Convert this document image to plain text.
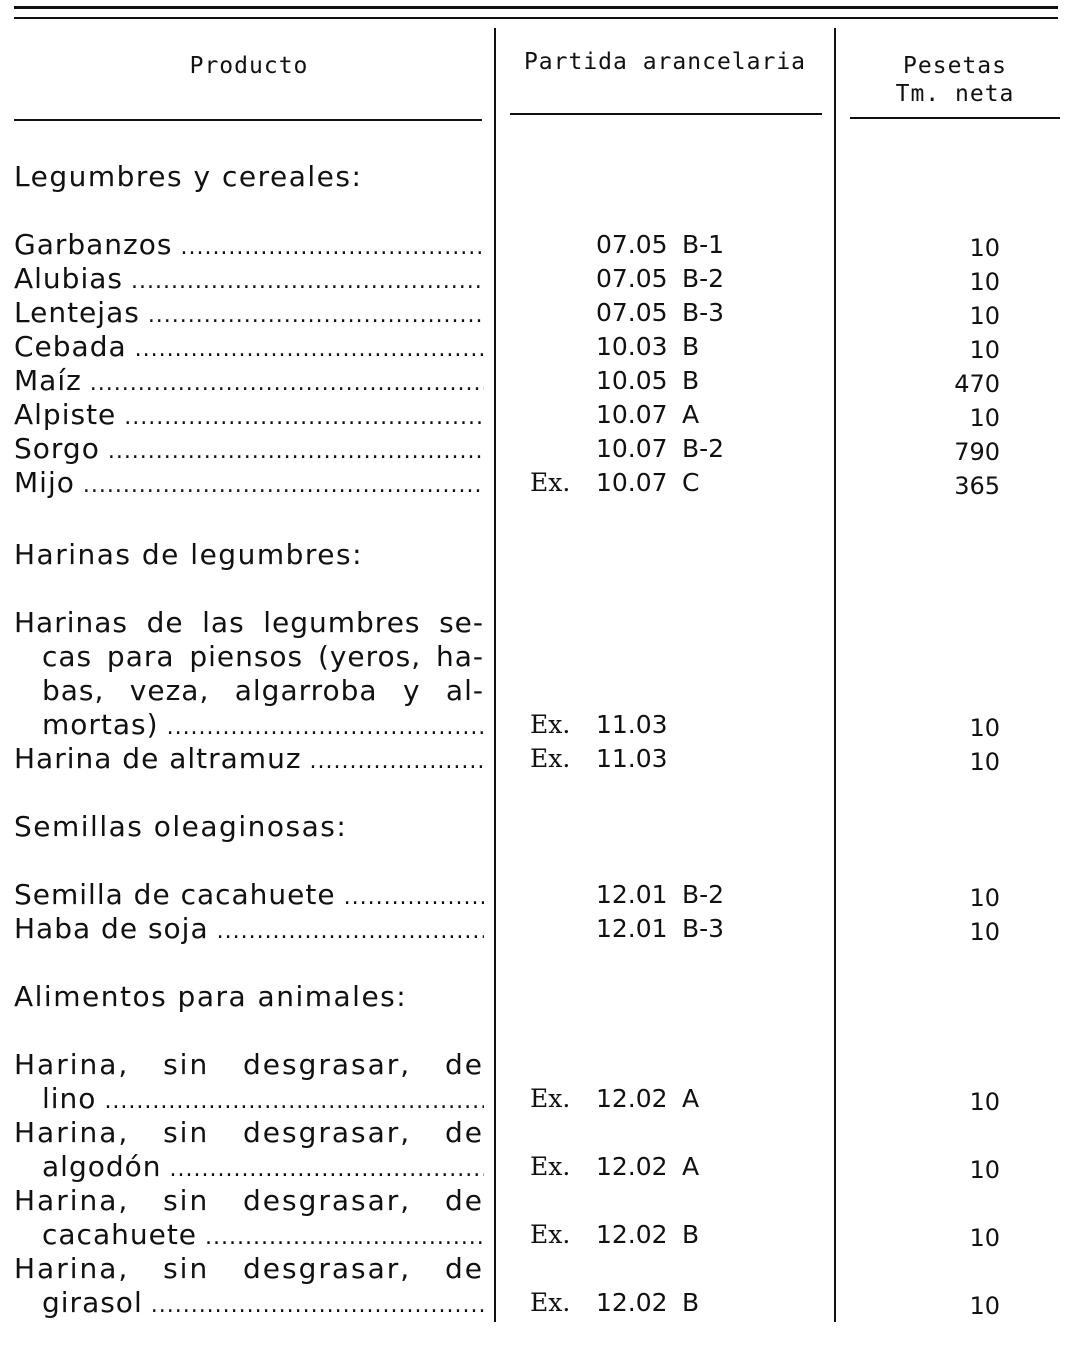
Producto	Partida arancelaria	Pesetas
Tm. neta
Legumbres y cereales:
Garbanzos .....	07.05 B-1	10
Alubias .....	07.05 B-2	10
Lentejas .....	07.05 B-3	10
Cebada .....	10.03 B	10
Maíz .....	10.05 B	470
Alpiste .....	10.07 A	10
Sorgo .....	10.07 B-2	790
Mijo .....	Ex. 10.07 C	365
Harinas de legumbres:
Harinas de las legumbres se-
cas para piensos (yeros, ha-
bas, veza, algarroba y al-
mortas) .....	Ex. 11.03	10
Harina de altramuz .....	Ex. 11.03	10
Semillas oleaginosas:
Semilla de cacahuete .....	12.01 B-2	10
Haba de soja .....	12.01 B-3	10
Alimentos para animales:
Harina, sin desgrasar, de
lino .....	Ex. 12.02 A	10
Harina, sin desgrasar, de
algodón .....	Ex. 12.02 A	10
Harina, sin desgrasar, de
cacahuete .....	Ex. 12.02 B	10
Harina, sin desgrasar, de
girasol .....	Ex. 12.02 B	10
